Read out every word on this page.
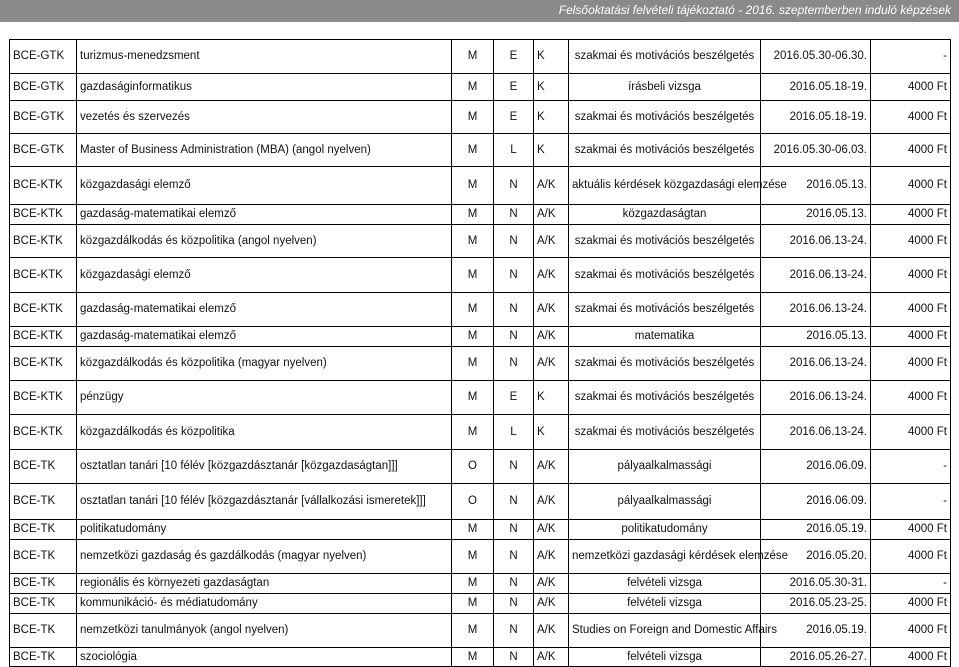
Felsőoktatási felvételi tájékoztató - 2016. szeptemberben induló képzések
BCE-GTK	turizmus-menedzsment	M	E	K	szakmai és motivációs beszélgetés	2016.05.30-06.30.	-
BCE-GTK	gazdaságinformatikus	M	E	K	írásbeli vizsga	2016.05.18-19.	4000 Ft
BCE-GTK	vezetés és szervezés	M	E	K	szakmai és motivációs beszélgetés	2016.05.18-19.	4000 Ft
BCE-GTK	Master of Business Administration (MBA) (angol nyelven)	M	L	K	szakmai és motivációs beszélgetés	2016.05.30-06.03.	4000 Ft
BCE-KTK	közgazdasági elemző	M	N	A/K	aktuális kérdések közgazdasági elemzése	2016.05.13.	4000 Ft
BCE-KTK	gazdaság-matematikai elemző	M	N	A/K	közgazdaságtan	2016.05.13.	4000 Ft
BCE-KTK	közgazdálkodás és közpolitika (angol nyelven)	M	N	A/K	szakmai és motivációs beszélgetés	2016.06.13-24.	4000 Ft
BCE-KTK	közgazdasági elemző	M	N	A/K	szakmai és motivációs beszélgetés	2016.06.13-24.	4000 Ft
BCE-KTK	gazdaság-matematikai elemző	M	N	A/K	szakmai és motivációs beszélgetés	2016.06.13-24.	4000 Ft
BCE-KTK	gazdaság-matematikai elemző	M	N	A/K	matematika	2016.05.13.	4000 Ft
BCE-KTK	közgazdálkodás és közpolitika (magyar nyelven)	M	N	A/K	szakmai és motivációs beszélgetés	2016.06.13-24.	4000 Ft
BCE-KTK	pénzügy	M	E	K	szakmai és motivációs beszélgetés	2016.06.13-24.	4000 Ft
BCE-KTK	közgazdálkodás és közpolitika	M	L	K	szakmai és motivációs beszélgetés	2016.06.13-24.	4000 Ft
BCE-TK	osztatlan tanári [10 félév [közgazdásztanár [közgazdaságtan]]]	O	N	A/K	pályaalkalmassági	2016.06.09.	-
BCE-TK	osztatlan tanári [10 félév [közgazdásztanár [vállalkozási ismeretek]]]	O	N	A/K	pályaalkalmassági	2016.06.09.	-
BCE-TK	politikatudomány	M	N	A/K	politikatudomány	2016.05.19.	4000 Ft
BCE-TK	nemzetközi gazdaság és gazdálkodás (magyar nyelven)	M	N	A/K	nemzetközi gazdasági kérdések elemzése	2016.05.20.	4000 Ft
BCE-TK	regionális és környezeti gazdaságtan	M	N	A/K	felvételi vizsga	2016.05.30-31.	-
BCE-TK	kommunikáció- és médiatudomány	M	N	A/K	felvételi vizsga	2016.05.23-25.	4000 Ft
BCE-TK	nemzetközi tanulmányok (angol nyelven)	M	N	A/K	Studies on Foreign and Domestic Affairs	2016.05.19.	4000 Ft
BCE-TK	szociológia	M	N	A/K	felvételi vizsga	2016.05.26-27.	4000 Ft
